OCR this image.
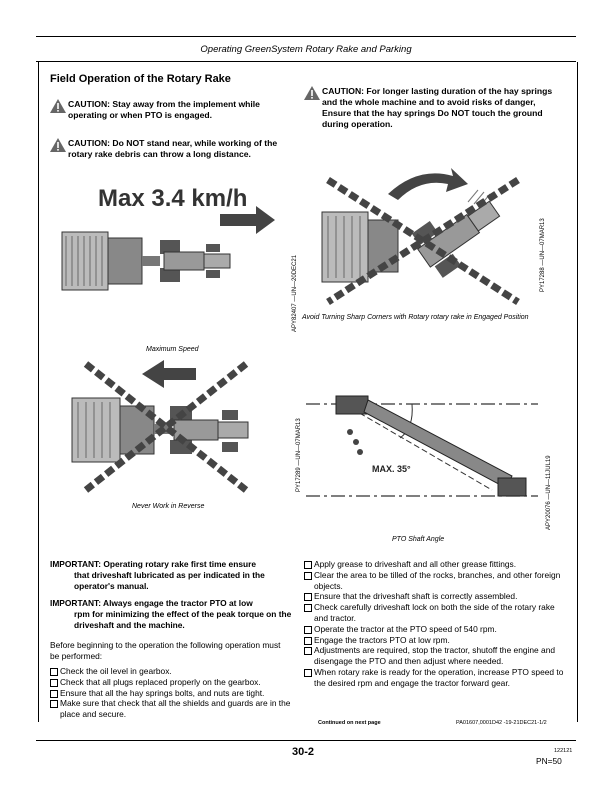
Operating GreenSystem Rotary Rake and Parking
Field Operation of the Rotary Rake
CAUTION: Stay away from the implement while operating or when PTO is engaged.
CAUTION: Do NOT stand near, while working of the rotary rake debris can throw a long distance.
CAUTION: For longer lasting duration of the hay springs and the whole machine and to avoid risks of danger, Ensure that the hay springs Do NOT touch the ground during operation.
Max 3.4 km/h
APY82407 —UN—20DEC21
Maximum Speed
PY17288 —UN—07MAR13
Avoid Turning Sharp Corners with Rotary rotary rake in Engaged Position
PY17289 —UN—07MAR13
Never Work in Reverse
MAX. 35°	APY20076 —UN—11JUL19
PTO Shaft Angle
IMPORTANT: Operating rotary rake first time ensure
that driveshaft lubricated as per indicated in the operator's manual.
IMPORTANT: Always engage the tractor PTO at low
rpm for minimizing the effect of the peak torque on the driveshaft and the machine.
Before beginning to the operation the following operation must be performed:
Check the oil level in gearbox.
Check that all plugs replaced properly on the gearbox.
Ensure that all the hay springs bolts, and nuts are tight.
Make sure that check that all the shields and guards are in the place and secure.
Apply grease to driveshaft and all other grease fittings.
Clear the area to be tilled of the rocks, branches, and other foreign objects.
Ensure that the driveshaft shaft is correctly assembled.
Check carefully driveshaft lock on both the side of the rotary rake and tractor.
Operate the tractor at the PTO speed of 540 rpm.
Engage the tractors PTO at low rpm.
Adjustments are required, stop the tractor, shutoff the engine and disengage the PTO and then adjust where needed.
When rotary rake is ready for the operation, increase PTO speed to the desired rpm and engage the tractor forward gear.
Continued on next page	PA01607,0001D42 -19-21DEC21-1/2
30-2	122121
PN=50
